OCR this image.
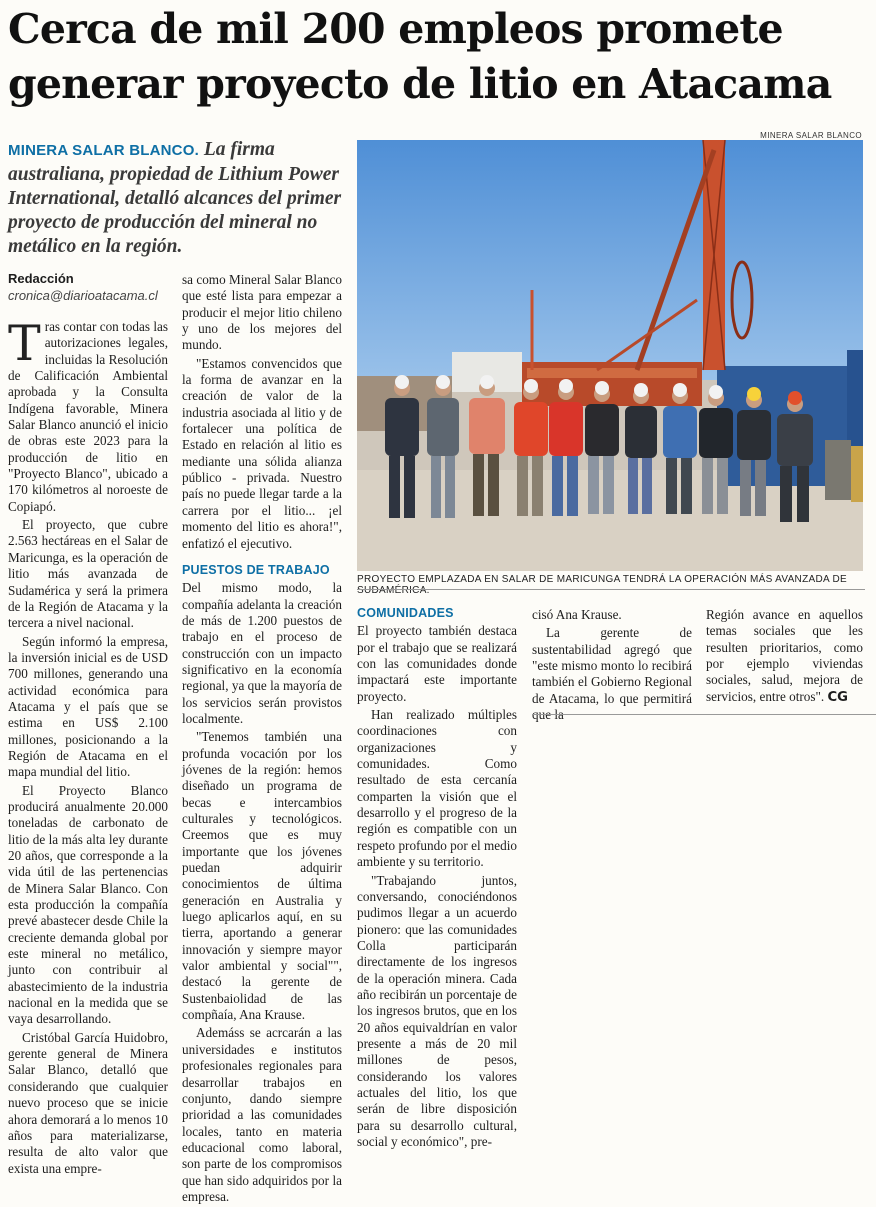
Cerca de mil 200 empleos promete generar proyecto de litio en Atacama
MINERA SALAR BLANCO. La firma australiana, propiedad de Lithium Power International, detalló alcances del primer proyecto de producción del mineral no metálico en la región.
Redacción
cronica@diarioatacama.cl

Tras contar con todas las autorizaciones legales, incluidas la Resolución de Calificación Ambiental aprobada y la Consulta Indígena favorable, Minera Salar Blanco anunció el inicio de obras este 2023 para la producción de litio en "Proyecto Blanco", ubicado a 170 kilómetros al noroeste de Copiapó.

El proyecto, que cubre 2.563 hectáreas en el Salar de Maricunga, es la operación de litio más avanzada de Sudamérica y será la primera de la Región de Atacama y la tercera a nivel nacional.

Según informó la empresa, la inversión inicial es de USD 700 millones, generando una actividad económica para Atacama y el país que se estima en US$ 2.100 millones, posicionando a la Región de Atacama en el mapa mundial del litio.

El Proyecto Blanco producirá anualmente 20.000 toneladas de carbonato de litio de la más alta ley durante 20 años, que corresponde a la vida útil de las pertenencias de Minera Salar Blanco. Con esta producción la compañía prevé abastecer desde Chile la creciente demanda global por este mineral no metálico, junto con contribuir al abastecimiento de la industria nacional en la medida que se vaya desarrollando.

Cristóbal García Huidobro, gerente general de Minera Salar Blanco, detalló que considerando que cualquier nuevo proceso que se inicie ahora demorará a lo menos 10 años para materializarse, resulta de alto valor que exista una empre-

sa como Mineral Salar Blanco que esté lista para empezar a producir el mejor litio chileno y uno de los mejores del mundo.

"Estamos convencidos que la forma de avanzar en la creación de valor de la industria asociada al litio y de fortalecer una política de Estado en relación al litio es mediante una sólida alianza público - privada. Nuestro país no puede llegar tarde a la carrera por el litio... ¡el momento del litio es ahora!", enfatizó el ejecutivo.

PUESTOS DE TRABAJO

Del mismo modo, la compañía adelanta la creación de más de 1.200 puestos de trabajo en el proceso de construcción con un impacto significativo en la economía regional, ya que la mayoría de los servicios serán provistos localmente.

"Tenemos también una profunda vocación por los jóvenes de la región: hemos diseñado un programa de becas e intercambios culturales y tecnológicos. Creemos que es muy importante que los jóvenes puedan adquirir conocimientos de última generación en Australia y luego aplicarlos aquí, en su tierra, aportando a generar innovación y siempre mayor valor ambiental y social"", destacó la gerente de Sustenbaiolidad de las compñaía, Ana Krause.

Ademáss se acrcarán a las universidades e institutos profesionales regionales para desarrollar trabajos en conjunto, dando siempre prioridad a las comunidades locales, tanto en materia educacional como laboral, son parte de los compromisos que han sido adquiridos por la empresa.

MINERA SALAR BLANCO
PROYECTO EMPLAZADA EN SALAR DE MARICUNGA TENDRÁ LA OPERACIÓN MÁS AVANZADA DE SUDAMÉRICA.
COMUNIDADES

El proyecto también destaca por el trabajo que se realizará con las comunidades donde impactará este importante proyecto.

Han realizado múltiples coordinaciones con organizaciones y comunidades. Como resultado de esta cercanía comparten la visión que el desarrollo y el progreso de la región es compatible con un respeto profundo por el medio ambiente y su territorio.

"Trabajando juntos, conversando, conociéndonos pudimos llegar a un acuerdo pionero: que las comunidades Colla participarán directamente de los ingresos de la operación minera. Cada año recibirán un porcentaje de los ingresos brutos, que en los 20 años equivaldrían en valor presente a más de 20 mil millones de pesos, considerando los valores actuales del litio, los que serán de libre disposición para su desarrollo cultural, social y económico", pre-

cisó Ana Krause.

La gerente de sustentabilidad agregó que "este mismo monto lo recibirá también el Gobierno Regional de Atacama, lo que permitirá que la

Región avance en aquellos temas sociales que les resulten prioritarios, como por ejemplo viviendas sociales, salud, mejora de servicios, entre otros". CG
